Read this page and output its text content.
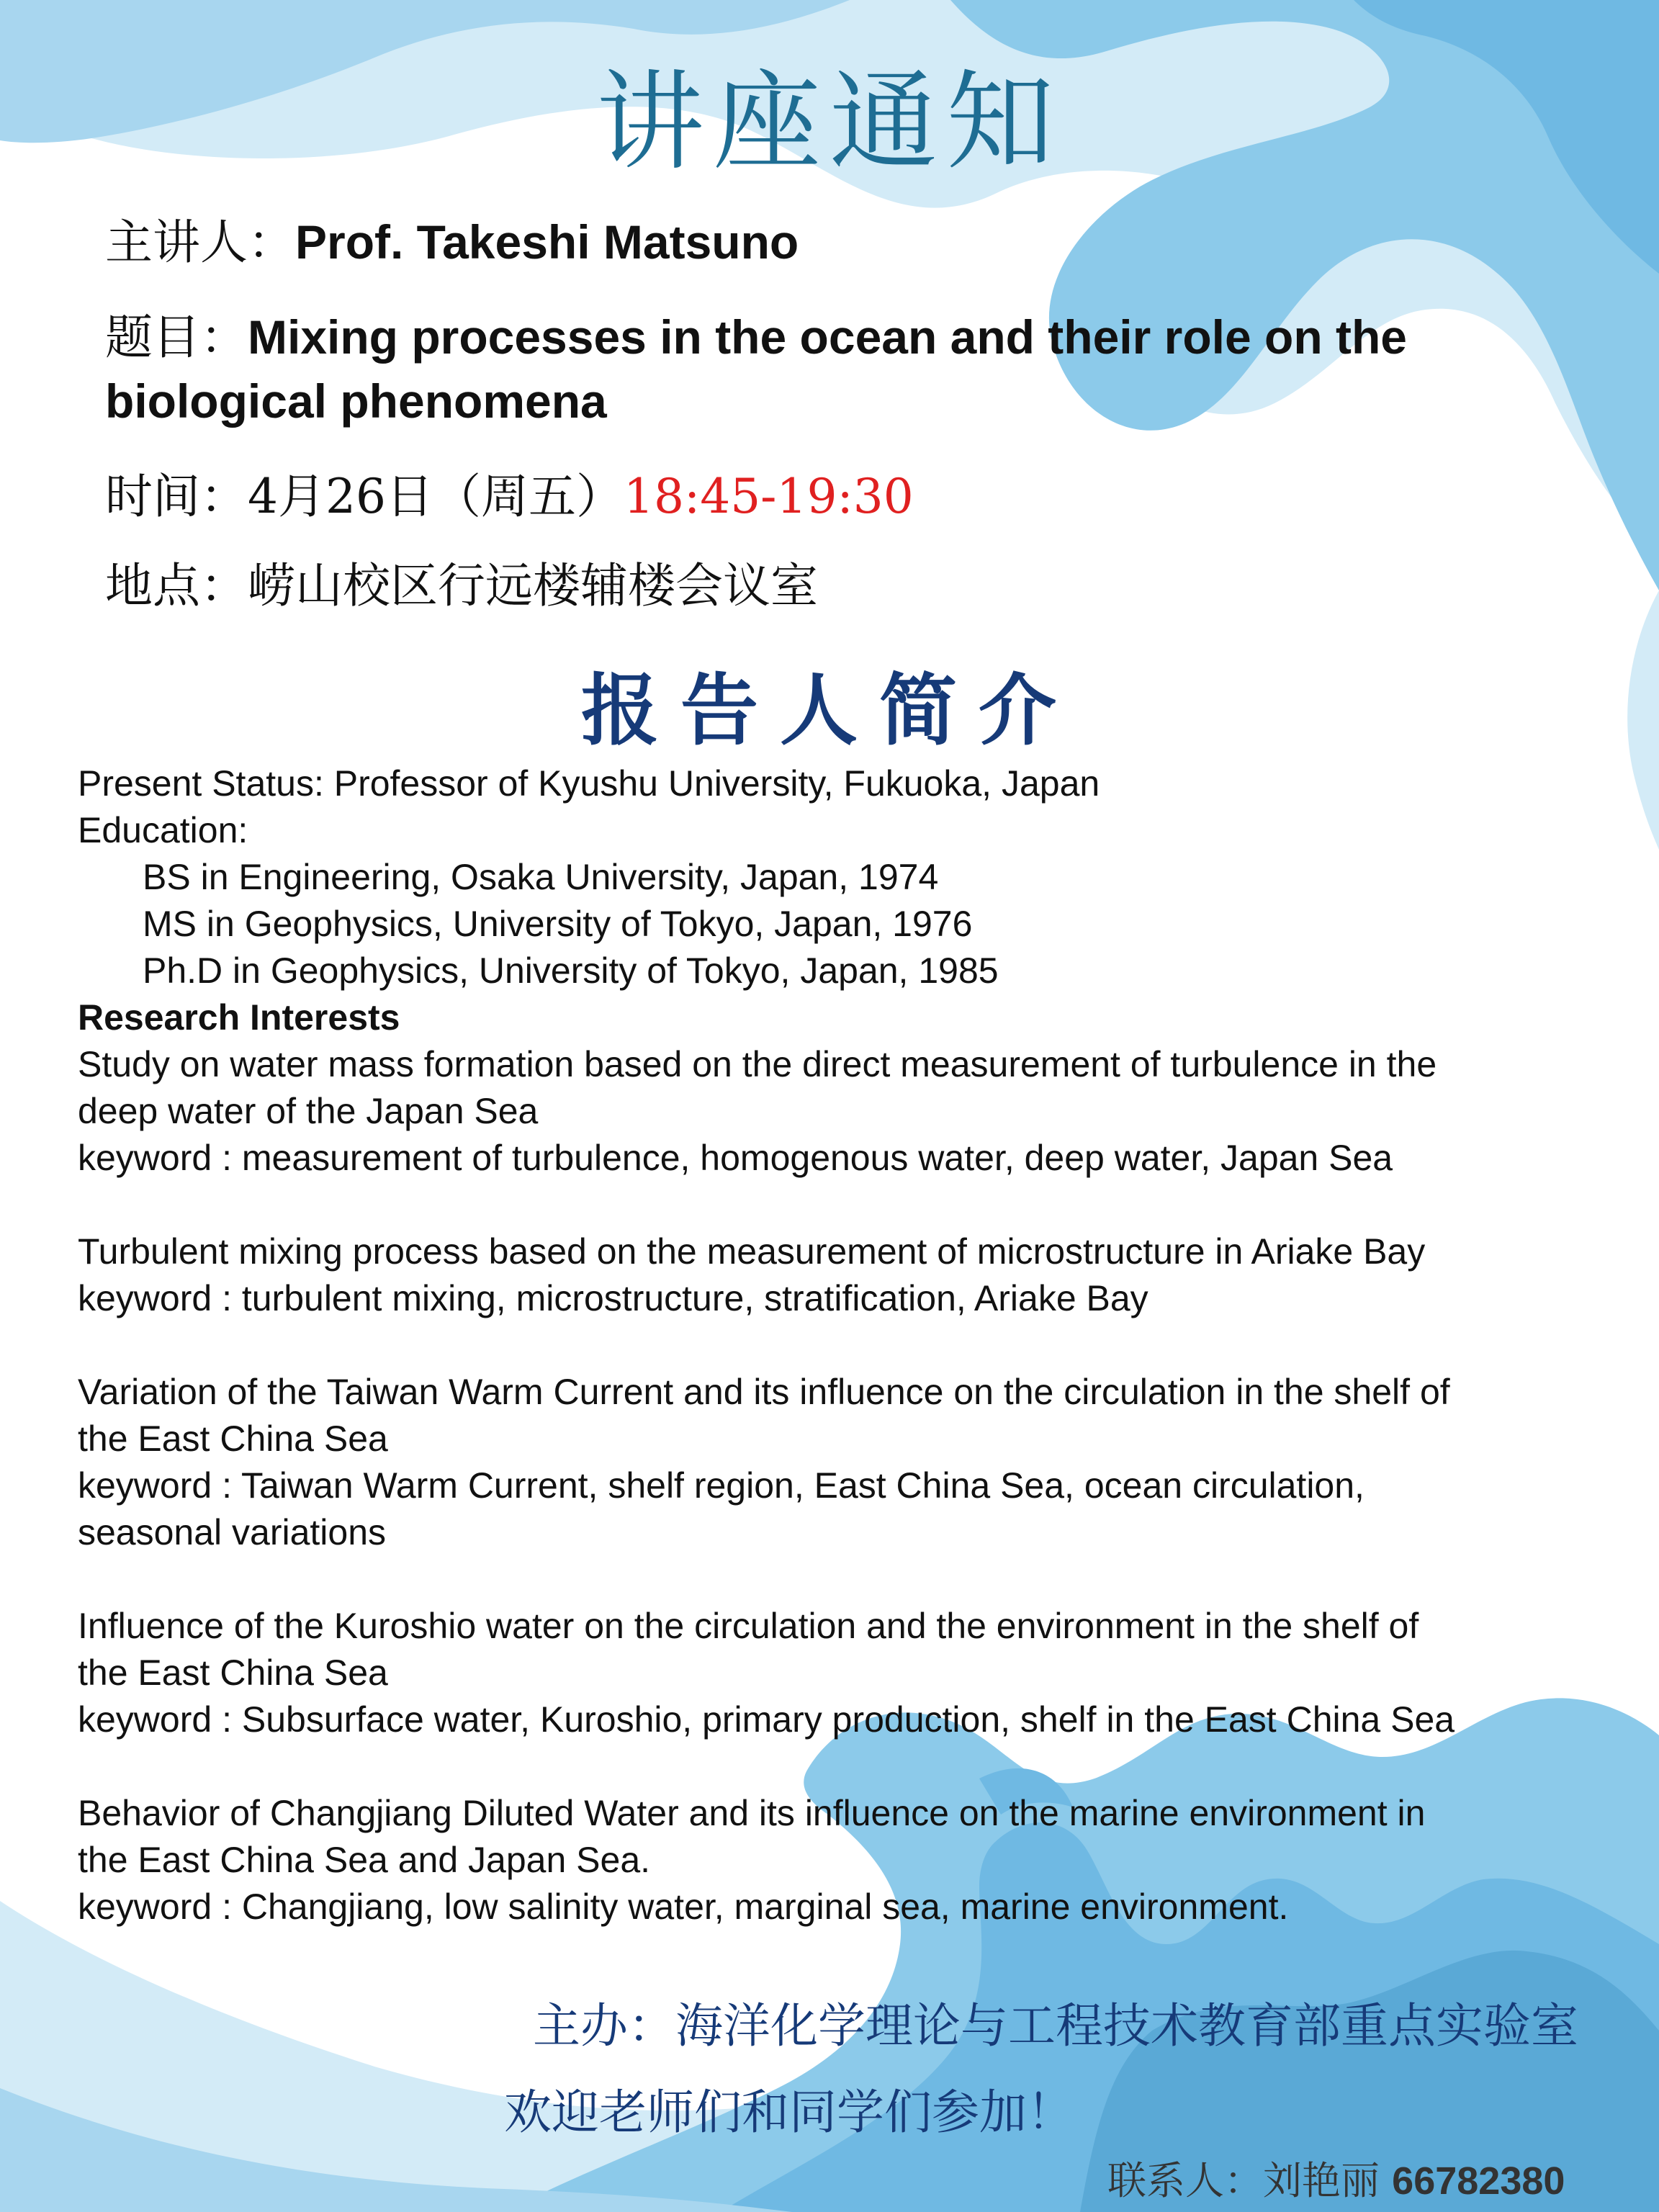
讲座通知
主讲人：Prof. Takeshi Matsuno
题目：Mixing processes in the ocean and their role on the biological phenomena
时间：4月26日（周五）18:45-19:30
地点：崂山校区行远楼辅楼会议室
报告人简介
Present Status: Professor of Kyushu University, Fukuoka, Japan
Education:
BS in Engineering, Osaka University, Japan, 1974
MS in Geophysics, University of Tokyo, Japan, 1976
Ph.D in Geophysics, University of Tokyo, Japan, 1985
Research Interests
Study on water mass formation based on the direct measurement of turbulence in the
deep water of the Japan Sea
keyword : measurement of turbulence, homogenous water, deep water, Japan Sea
Turbulent mixing process based on the measurement of microstructure in Ariake Bay
keyword : turbulent mixing, microstructure, stratification, Ariake Bay
Variation of the Taiwan Warm Current and its influence on the circulation in the shelf of
the East China Sea
keyword : Taiwan Warm Current, shelf region, East China Sea, ocean circulation,
seasonal variations
Influence of the Kuroshio water on the circulation and the environment in the shelf of
the East China Sea
keyword : Subsurface water, Kuroshio, primary production, shelf in the East China Sea
Behavior of Changjiang Diluted Water and its influence on the marine environment in
the East China Sea and Japan Sea.
keyword : Changjiang, low salinity water, marginal sea, marine environment.
主办：海洋化学理论与工程技术教育部重点实验室
欢迎老师们和同学们参加！
联系人：刘艳丽 66782380
